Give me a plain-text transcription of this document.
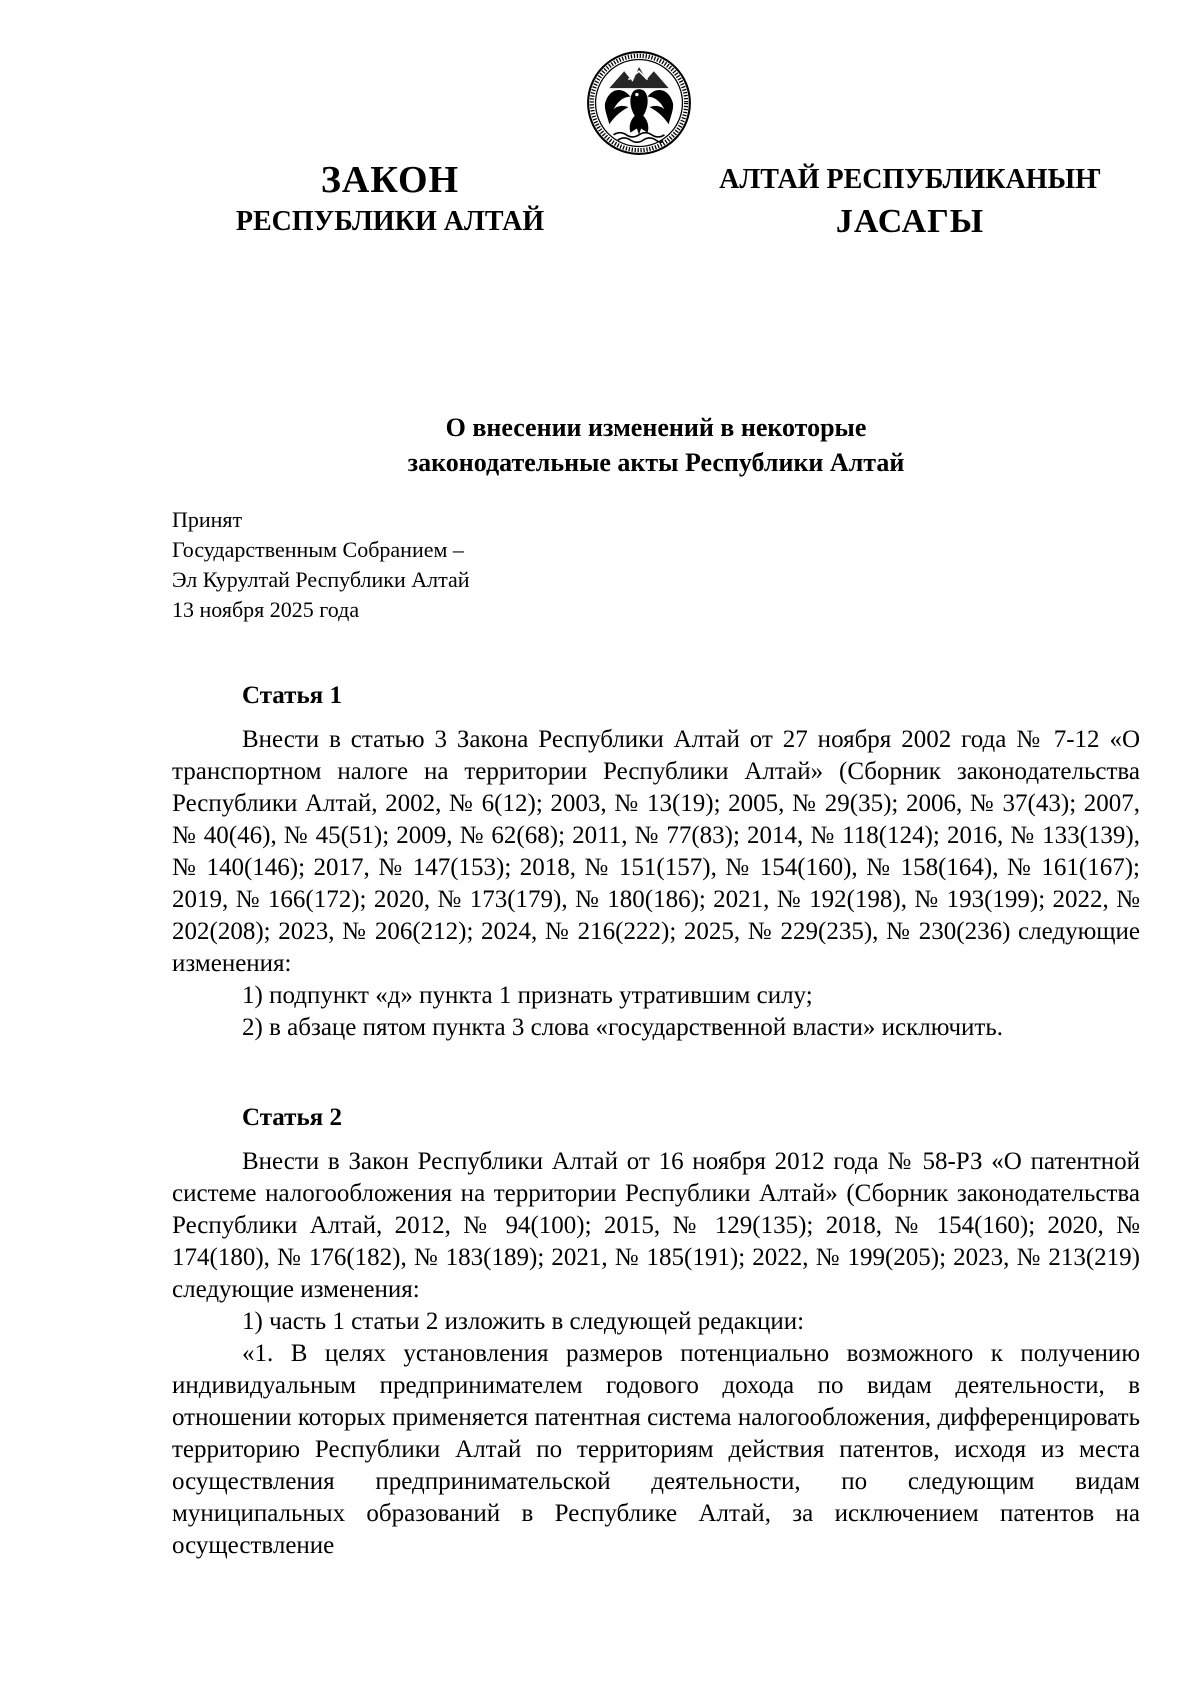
ЗАКОН
РЕСПУБЛИКИ АЛТАЙ
АЛТАЙ РЕСПУБЛИКАНЫҤ
ЈАСАГЫ
О внесении изменений в некоторые
законодательные акты Республики Алтай
Принят
Государственным Собранием –
Эл Курултай Республики Алтай
13 ноября 2025 года

Статья 1

Внести в статью 3 Закона Республики Алтай от 27 ноября 2002 года № 7-12 «О транспортном налоге на территории Республики Алтай» (Сборник законодательства Республики Алтай, 2002, № 6(12); 2003, № 13(19); 2005, № 29(35); 2006, № 37(43); 2007, № 40(46), № 45(51); 2009, № 62(68); 2011, № 77(83); 2014, № 118(124); 2016, № 133(139), № 140(146); 2017, № 147(153); 2018, № 151(157), № 154(160), № 158(164), № 161(167); 2019, № 166(172); 2020, № 173(179), № 180(186); 2021, № 192(198), № 193(199); 2022, № 202(208); 2023, № 206(212); 2024, № 216(222); 2025, № 229(235), № 230(236) следующие изменения:

1) подпункт «д» пункта 1 признать утратившим силу;

2) в абзаце пятом пункта 3 слова «государственной власти» исключить.

Статья 2

Внести в Закон Республики Алтай от 16 ноября 2012 года № 58-РЗ «О патентной системе налогообложения на территории Республики Алтай» (Сборник законодательства Республики Алтай, 2012, № 94(100); 2015, № 129(135); 2018, № 154(160); 2020, № 174(180), № 176(182), № 183(189); 2021, № 185(191); 2022, № 199(205); 2023, № 213(219) следующие изменения:

1) часть 1 статьи 2 изложить в следующей редакции:

«1. В целях установления размеров потенциально возможного к получению индивидуальным предпринимателем годового дохода по видам деятельности, в отношении которых применяется патентная система налогообложения, дифференцировать территорию Республики Алтай по территориям действия патентов, исходя из места осуществления предпринимательской деятельности, по следующим видам муниципальных образований в Республике Алтай, за исключением патентов на осуществление
